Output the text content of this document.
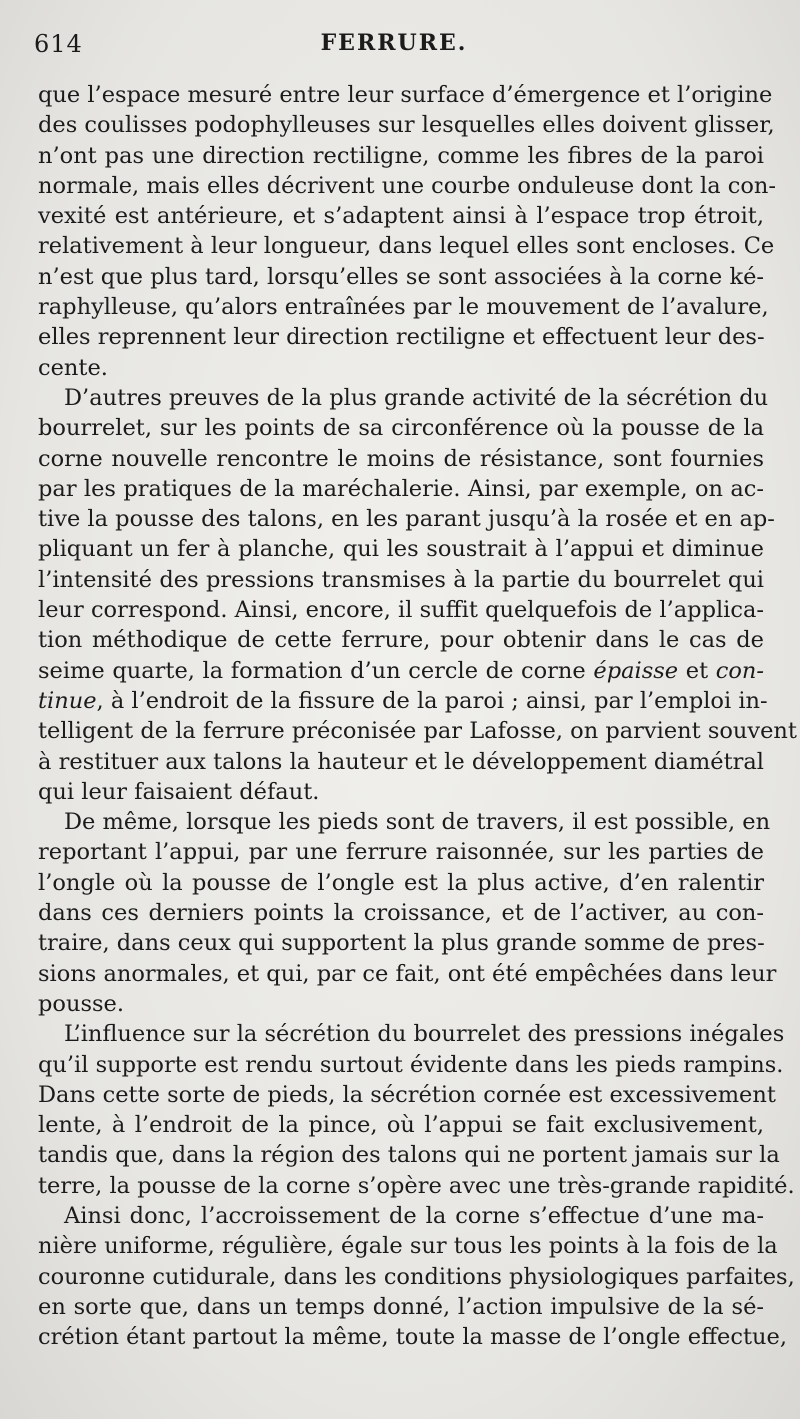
614	FERRURE.
que l’espace mesuré entre leur surface d’émergence et l’origine
des coulisses podophylleuses sur lesquelles elles doivent glisser,
n’ont pas une direction rectiligne, comme les fibres de la paroi
normale, mais elles décrivent une courbe onduleuse dont la con-
vexité est antérieure, et s’adaptent ainsi à l’espace trop étroit,
relativement à leur longueur, dans lequel elles sont encloses. Ce
n’est que plus tard, lorsqu’elles se sont associées à la corne ké-
raphylleuse, qu’alors entraînées par le mouvement de l’avalure,
elles reprennent leur direction rectiligne et effectuent leur des-
cente.
D’autres preuves de la plus grande activité de la sécrétion du
bourrelet, sur les points de sa circonférence où la pousse de la
corne nouvelle rencontre le moins de résistance, sont fournies
par les pratiques de la maréchalerie. Ainsi, par exemple, on ac-
tive la pousse des talons, en les parant jusqu’à la rosée et en ap-
pliquant un fer à planche, qui les soustrait à l’appui et diminue
l’intensité des pressions transmises à la partie du bourrelet qui
leur correspond. Ainsi, encore, il suffit quelquefois de l’applica-
tion méthodique de cette ferrure, pour obtenir dans le cas de
seime quarte, la formation d’un cercle de corne épaisse et con-
tinue, à l’endroit de la fissure de la paroi ; ainsi, par l’emploi in-
telligent de la ferrure préconisée par Lafosse, on parvient souvent
à restituer aux talons la hauteur et le développement diamétral
qui leur faisaient défaut.
De même, lorsque les pieds sont de travers, il est possible, en
reportant l’appui, par une ferrure raisonnée, sur les parties de
l’ongle où la pousse de l’ongle est la plus active, d’en ralentir
dans ces derniers points la croissance, et de l’activer, au con-
traire, dans ceux qui supportent la plus grande somme de pres-
sions anormales, et qui, par ce fait, ont été empêchées dans leur
pousse.
L’influence sur la sécrétion du bourrelet des pressions inégales
qu’il supporte est rendu surtout évidente dans les pieds rampins.
Dans cette sorte de pieds, la sécrétion cornée est excessivement
lente, à l’endroit de la pince, où l’appui se fait exclusivement,
tandis que, dans la région des talons qui ne portent jamais sur la
terre, la pousse de la corne s’opère avec une très-grande rapidité.
Ainsi donc, l’accroissement de la corne s’effectue d’une ma-
nière uniforme, régulière, égale sur tous les points à la fois de la
couronne cutidurale, dans les conditions physiologiques parfaites,
en sorte que, dans un temps donné, l’action impulsive de la sé-
crétion étant partout la même, toute la masse de l’ongle effectue,
